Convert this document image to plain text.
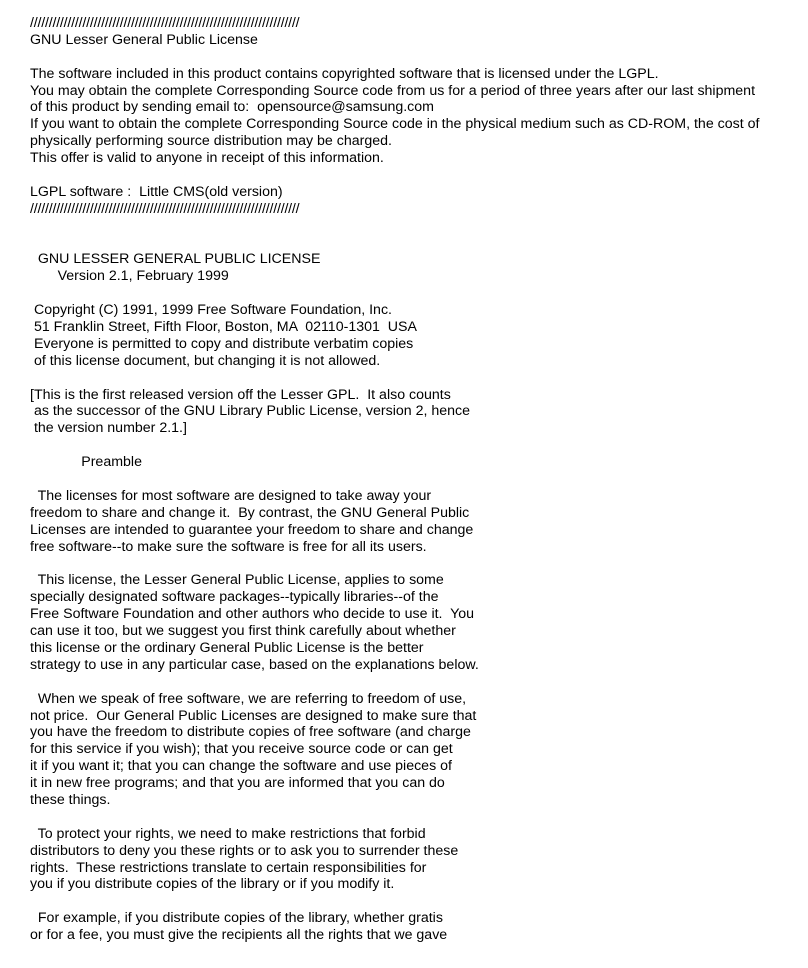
////////////////////////////////////////////////////////////////////////
GNU Lesser General Public License
The software included in this product contains copyrighted software that is licensed under the LGPL.
You may obtain the complete Corresponding Source code from us for a period of three years after our last shipment
of this product by sending email to:  opensource@samsung.com
If you want to obtain the complete Corresponding Source code in the physical medium such as CD-ROM, the cost of
physically performing source distribution may be charged.
This offer is valid to anyone in receipt of this information.
LGPL software :  Little CMS(old version)
////////////////////////////////////////////////////////////////////////
GNU LESSER GENERAL PUBLIC LICENSE
Version 2.1, February 1999
Copyright (C) 1991, 1999 Free Software Foundation, Inc.
51 Franklin Street, Fifth Floor, Boston, MA  02110-1301  USA
Everyone is permitted to copy and distribute verbatim copies
of this license document, but changing it is not allowed.
[This is the first released version off the Lesser GPL.  It also counts
as the successor of the GNU Library Public License, version 2, hence
the version number 2.1.]
Preamble
The licenses for most software are designed to take away your
freedom to share and change it.  By contrast, the GNU General Public
Licenses are intended to guarantee your freedom to share and change
free software--to make sure the software is free for all its users.
This license, the Lesser General Public License, applies to some
specially designated software packages--typically libraries--of the
Free Software Foundation and other authors who decide to use it.  You
can use it too, but we suggest you first think carefully about whether
this license or the ordinary General Public License is the better
strategy to use in any particular case, based on the explanations below.
When we speak of free software, we are referring to freedom of use,
not price.  Our General Public Licenses are designed to make sure that
you have the freedom to distribute copies of free software (and charge
for this service if you wish); that you receive source code or can get
it if you want it; that you can change the software and use pieces of
it in new free programs; and that you are informed that you can do
these things.
To protect your rights, we need to make restrictions that forbid
distributors to deny you these rights or to ask you to surrender these
rights.  These restrictions translate to certain responsibilities for
you if you distribute copies of the library or if you modify it.
For example, if you distribute copies of the library, whether gratis
or for a fee, you must give the recipients all the rights that we gave
